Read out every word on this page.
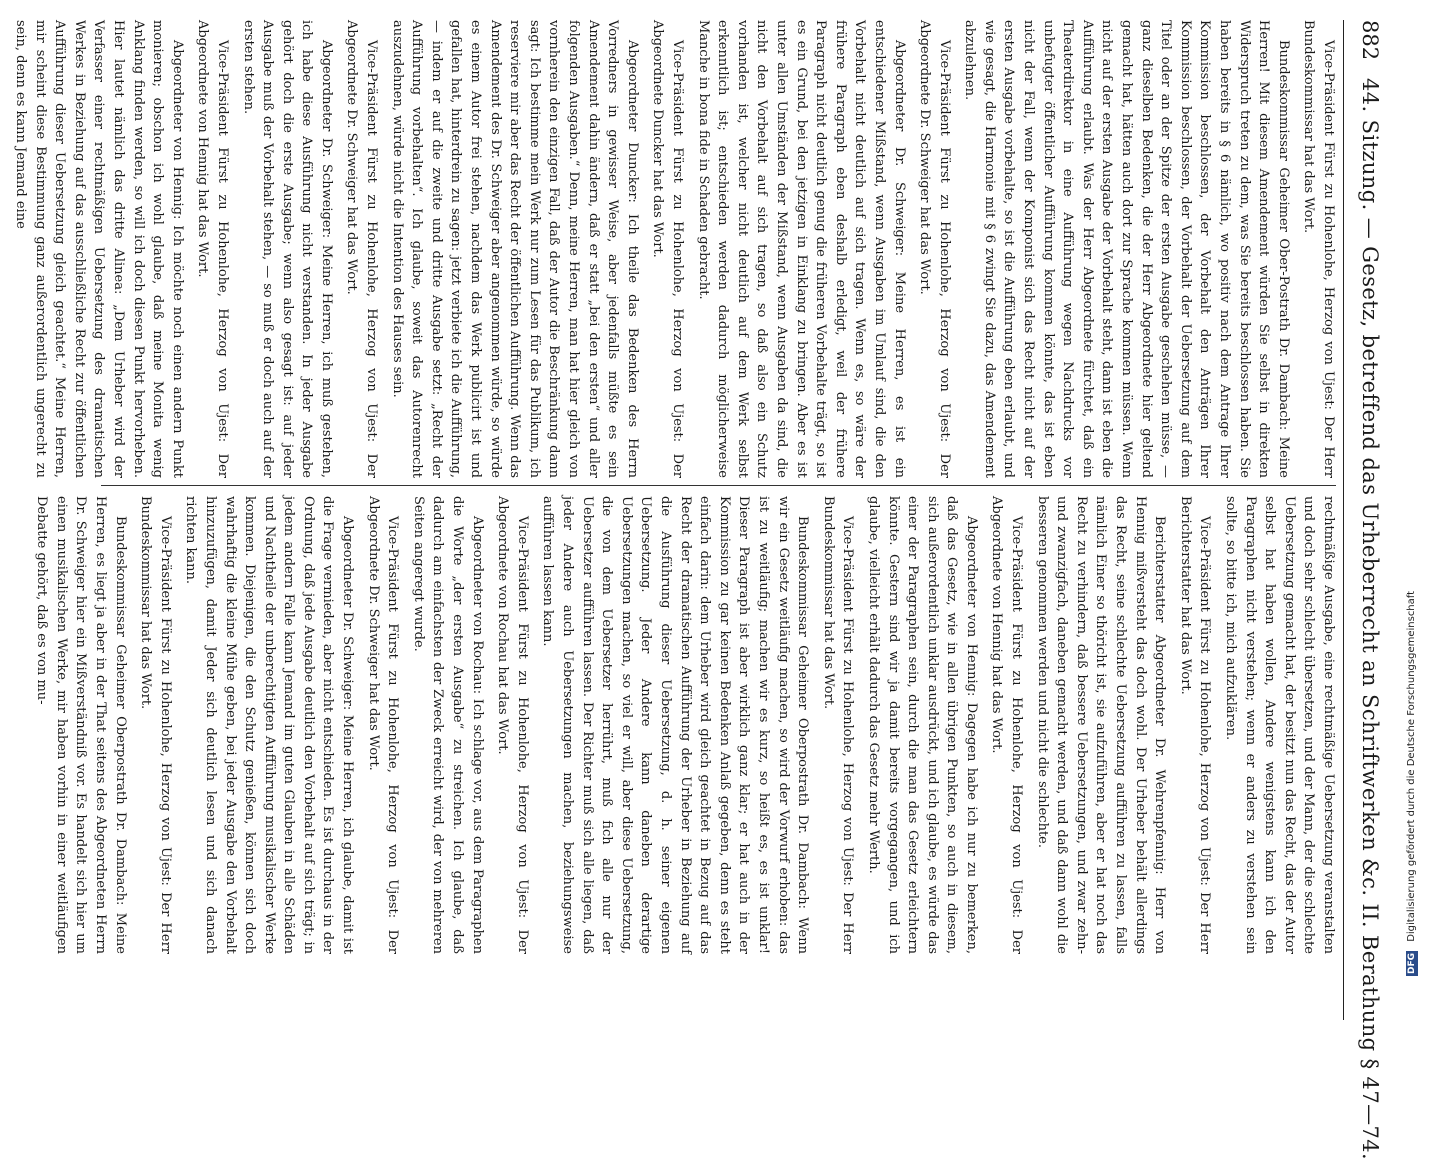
882
44. Sitzung. — Gesetz, betreffend das Urheberrecht an Schriftwerken &c. II. Berathung § 47—74.

Vice-Präsident Fürst zu Hohenlohe, Herzog von Ujest: Der Herr Bundeskommissar hat das Wort.

Bundeskommissar Geheimer Ober-Postrath Dr. Dambach: Meine Herren! Mit diesem Amendement würden Sie selbst in direkten Widerspruch treten zu dem, was Sie bereits beschlossen haben. Sie haben bereits in § 6 nämlich, wo positiv nach dem Antrage Ihrer Kommission beschlossen, der Vorbehalt den Anträgen Ihrer Kommission beschlossen, der Vorbehalt der Uebersetzung auf dem Titel oder an der Spitze der ersten Ausgabe geschehen müsse, — ganz dieselben Bedenken, die der Herr Abgeordnete hier geltend gemacht hat, hätten auch dort zur Sprache kommen müssen. Wenn nicht auf der ersten Ausgabe der Vorbehalt steht, dann ist eben die Aufführung erlaubt. Was der Herr Abgeordnete fürchtet, daß ein Theaterdirektor in eine Aufführung wegen Nachdrucks vor unbefugter öffentlicher Aufführung kommen könnte, das ist eben nicht der Fall, wenn der Komponist sich das Recht nicht auf der ersten Ausgabe vorbehalte, so ist die Aufführung eben erlaubt, und wie gesagt, die Harmonie mit § 6 zwingt Sie dazu, das Amendement abzulehnen.

Vice-Präsident Fürst zu Hohenlohe, Herzog von Ujest: Der Abgeordnete Dr. Schweiger hat das Wort.

Abgeordneter Dr. Schweiger: Meine Herren, es ist ein entschiedener Mißstand, wenn Ausgaben im Umlauf sind, die den Vorbehalt nicht deutlich auf sich tragen. Wenn es, so wäre der frühere Paragraph eben deshalb erledigt, weil der frühere Paragraph nicht deutlich genug die früheren Vorbehalte trägt, so ist es ein Grund, bei den jetzigen in Einklang zu bringen. Aber es ist unter allen Umständen der Mißstand, wenn Ausgaben da sind, die nicht den Vorbehalt auf sich tragen, so daß also ein Schutz vorhanden ist, welcher nicht deutlich auf dem Werk selbst erkenntlich ist; entschieden werden dadurch möglicherweise Manche in bona fide in Schaden gebracht.

Vice-Präsident Fürst zu Hohenlohe, Herzog von Ujest: Der Abgeordnete Duncker hat das Wort.

Abgeordneter Duncker: Ich theile das Bedenken des Herrn Vorredners in gewisser Weise, aber jedenfalls müßte es sein Amendement dahin ändern, daß er statt „bei den ersten“ und aller folgenden Ausgaben.“ Denn, meine Herren, man hat hier gleich von vornherein den einzigen Fall, daß der Autor die Beschränkung dann sagt: Ich bestimme mein Werk nur zum Lesen für das Publikum, ich reserviere mir aber das Recht der öffentlichen Aufführung. Wenn das Amendement des Dr. Schweiger aber angenommen würde, so würde es einem Autor frei stehen, nachdem das Werk publicirt ist und gefallen hat, hinterdrein zu sagen: jetzt verbiete ich die Aufführung, — indem er auf die zweite und dritte Ausgabe setzt: „Recht der Aufführung vorbehalten“. Ich glaube, soweit das Autorenrecht auszudehnen, würde nicht die Intention des Hauses sein.

Vice-Präsident Fürst zu Hohenlohe, Herzog von Ujest: Der Abgeordnete Dr. Schweiger hat das Wort.

Abgeordneter Dr. Schweiger: Meine Herren, ich muß gestehen, ich habe diese Ausführung nicht verstanden. In jeder Ausgabe gehört doch die erste Ausgabe; wenn also gesagt ist: auf jeder Ausgabe muß der Vorbehalt stehen, — so muß er doch auch auf der ersten stehen.

Vice-Präsident Fürst zu Hohenlohe, Herzog von Ujest: Der Abgeordnete von Hennig hat das Wort.

Abgeordneter von Hennig: Ich möchte noch einen andern Punkt monieren; obschon ich wohl glaube, daß meine Monita wenig Anklang finden werden, so will ich doch diesen Punkt hervorheben. Hier lautet nämlich das dritte Alinea: „Dem Urheber wird der Verfasser einer rechtmäßigen Uebersetzung des dramatischen Werkes in Beziehung auf das ausschließliche Recht zur öffentlichen Aufführung dieser Uebersetzung gleich geachtet.“ Meine Herren, mir scheint diese Bestimmung ganz außerordentlich ungerecht zu sein, denn es kann Jemand eine

rechtmäßige Ausgabe, eine rechtmäßige Uebersetzung veranstalten und doch sehr schlecht übersetzen, und der Mann, der die schlechte Uebersetzung gemacht hat, der besitzt nun das Recht, das der Autor selbst hat haben wollen, Andere wenigstens kann ich den Paragraphen nicht verstehen; wenn er anders zu verstehen sein sollte, so bitte ich, mich aufzuklären.

Vice-Präsident Fürst zu Hohenlohe, Herzog von Ujest: Der Herr Berichterstatter hat das Wort.

Berichterstatter Abgeordneter Dr. Wehrenpfennig: Herr von Hennig mißversteht das doch wohl. Der Urheber behält allerdings das Recht, seine schlechte Uebersetzung aufführen zu lassen, falls nämlich Einer so thöricht ist, sie aufzuführen, aber er hat noch das Recht zu verhindern, daß bessere Uebersetzungen, und zwar zehn- und zwanzigfach, daneben gemacht werden, und daß dann wohl die besseren genommen werden und nicht die schlechte.

Vice-Präsident Fürst zu Hohenlohe, Herzog von Ujest: Der Abgeordnete von Hennig hat das Wort.

Abgeordneter von Hennig: Dagegen habe ich nur zu bemerken, daß das Gesetz, wie in allen übrigen Punkten, so auch in diesem, sich außerordentlich unklar ausdrückt, und ich glaube, es würde das einer der Paragraphen sein, durch die man das Gesetz erleichtern könnte. Gestern sind wir ja damit bereits vorgegangen, und ich glaube, vielleicht erhält dadurch das Gesetz mehr Werth.

Vice-Präsident Fürst zu Hohenlohe, Herzog von Ujest: Der Herr Bundeskommissar hat das Wort.

Bundeskommissar Geheimer Oberpostrath Dr. Dambach: Wenn wir ein Gesetz weitläufig machen, so wird der Vorwurf erhoben: das ist zu weitläufig; machen wir es kurz, so heißt es, es ist unklar! Dieser Paragraph ist aber wirklich ganz klar; er hat auch in der Kommission zu gar keinen Bedenken Anlaß gegeben, denn es steht einfach darin: dem Urheber wird gleich geachtet in Bezug auf das Recht der dramatischen Aufführung der Urheber in Beziehung auf die Ausführung dieser Uebersetzung, d. h. seiner eigenen Uebersetzung. Jeder Andere kann daneben derartige Uebersetzungen machen, so viel er will, aber diese Uebersetzung, die von dem Uebersetzer herrührt, muß fich alle nur der Uebersetzer aufführen lassen. Der Richter muß sich alle liegen, daß jeder Andere auch Uebersetzungen machen, beziehungsweise aufführen lassen kann.

Vice-Präsident Fürst zu Hohenlohe, Herzog von Ujest: Der Abgeordnete von Rochau hat das Wort.

Abgeordneter von Rochau: Ich schlage vor, aus dem Paragraphen die Worte „der ersten Ausgabe“ zu streichen. Ich glaube, daß dadurch am einfachsten der Zweck erreicht wird, der von mehreren Seiten angeregt wurde.

Vice-Präsident Fürst zu Hohenlohe, Herzog von Ujest: Der Abgeordnete Dr. Schweiger hat das Wort.

Abgeordneter Dr. Schweiger: Meine Herren, ich glaube, damit ist die Frage vermieden, aber nicht entschieden. Es ist durchaus in der Ordnung, daß jede Ausgabe deutlich den Vorbehalt auf sich trägt; in jedem andern Falle kann Jemand im guten Glauben in alle Schäden und Nachtheile der unberechtigten Aufführung musikalischer Werke kommen. Diejenigen, die den Schutz genießen, können sich doch wahrhaftig die kleine Mühe geben, bei jeder Ausgabe den Vorbehalt hinzuzufügen, damit Jeder sich deutlich lesen und sich danach richten kann.

Vice-Präsident Fürst zu Hohenlohe, Herzog von Ujest: Der Herr Bundeskommissar hat das Wort.

Bundeskommissar Geheimer Oberpostrath Dr. Dambach: Meine Herren, es liegt ja aber in der That seitens des Abgeordneten Herrn Dr. Schweiger hier ein Mißverständniß vor. Es handelt sich hier um einen musikalischen Werke, mir haben vorhin in einer weitläufigen Debatte gehört, daß es von mu-

DFG Digitalisierung gefördert durch die Deutsche Forschungsgemeinschaft
